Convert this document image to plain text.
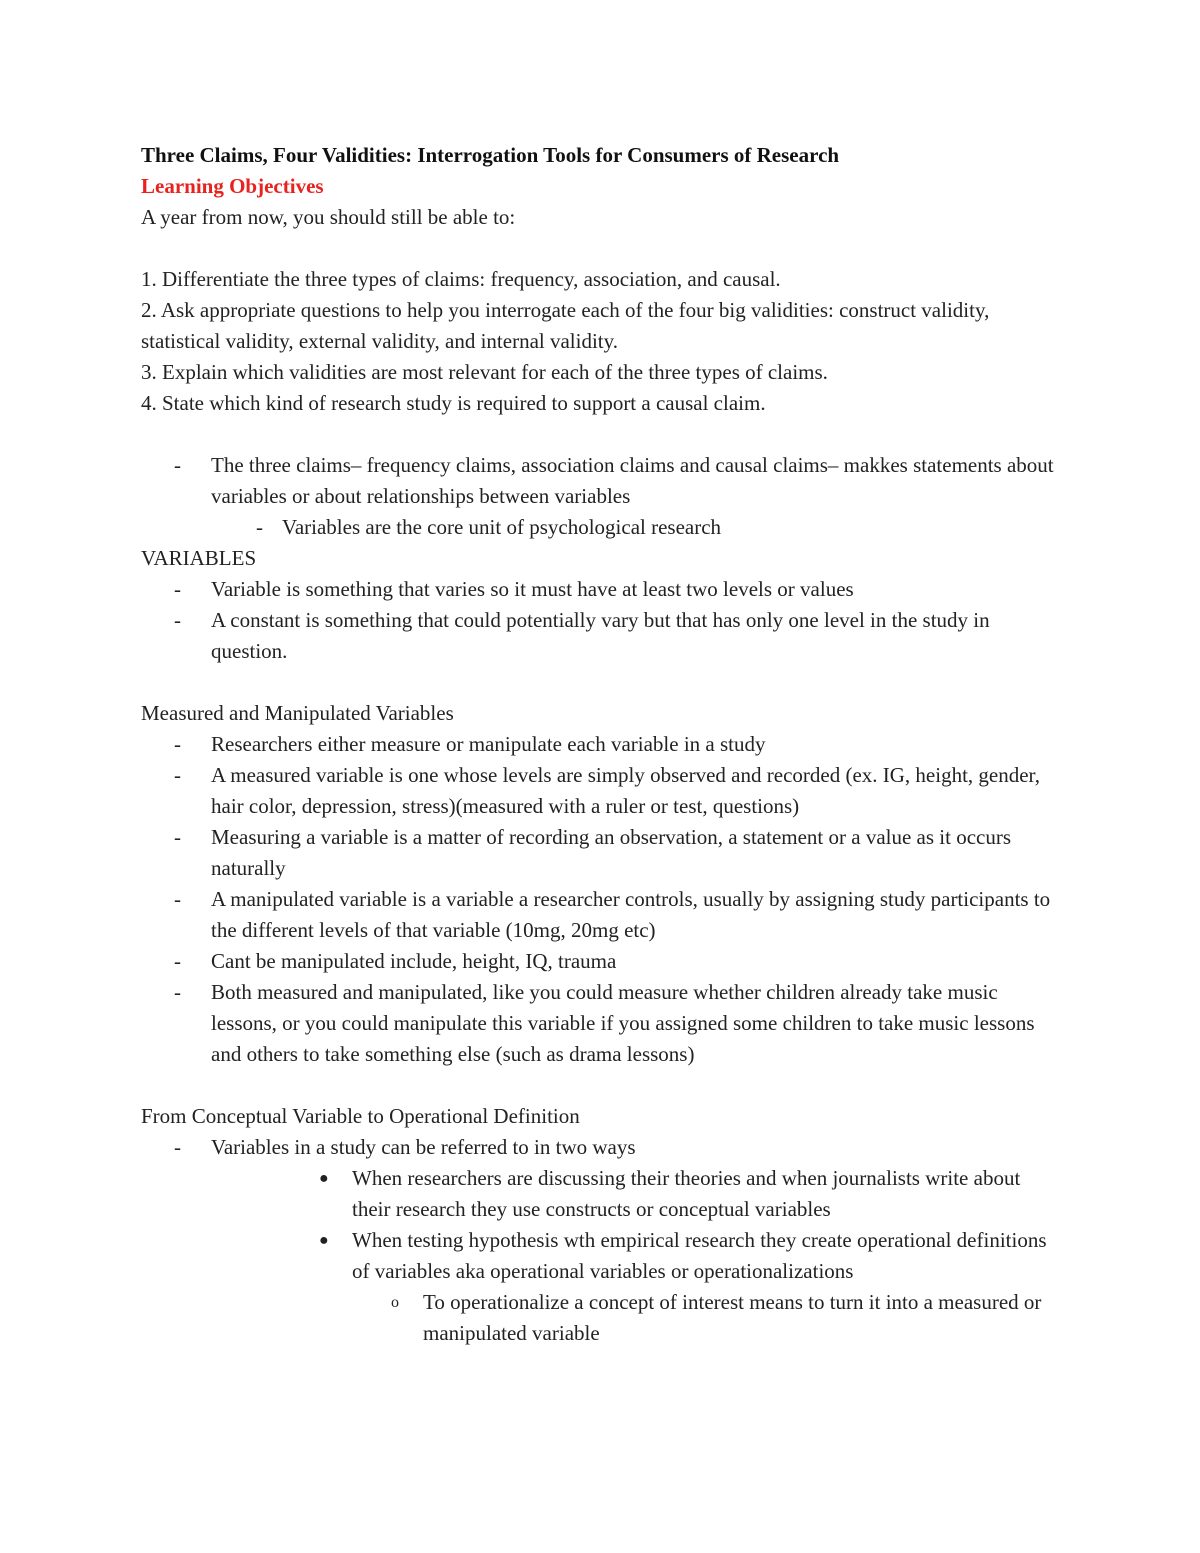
Three Claims, Four Validities: Interrogation Tools for Consumers of Research

Learning Objectives

A year from now, you should still be able to:

1. Differentiate the three types of claims: frequency, association, and causal.

2. Ask appropriate questions to help you interrogate each of the four big validities: construct validity, statistical validity, external validity, and internal validity.

3. Explain which validities are most relevant for each of the three types of claims.

4. State which kind of research study is required to support a causal claim.

- The three claims– frequency claims, association claims and causal claims– makkes statements about variables or about relationships between variables
- Variables are the core unit of psychological research

VARIABLES

- Variable is something that varies so it must have at least two levels or values
- A constant is something that could potentially vary but that has only one level in the study in question.

Measured and Manipulated Variables

- Researchers either measure or manipulate each variable in a study
- A measured variable is one whose levels are simply observed and recorded (ex. IG, height, gender, hair color, depression, stress)(measured with a ruler or test, questions)
- Measuring a variable is a matter of recording an observation, a statement or a value as it occurs naturally
- A manipulated variable is a variable a researcher controls, usually by assigning study participants to the different levels of that variable (10mg, 20mg etc)
- Cant be manipulated include, height, IQ, trauma
- Both measured and manipulated, like you could measure whether children already take music lessons, or you could manipulate this variable if you assigned some children to take music lessons and others to take something else (such as drama lessons)

From Conceptual Variable to Operational Definition

- Variables in a study can be referred to in two ways
● When researchers are discussing their theories and when journalists write about their research they use constructs or conceptual variables
● When testing hypothesis wth empirical research they create operational definitions of variables aka operational variables or operationalizations
o To operationalize a concept of interest means to turn it into a measured or manipulated variable
